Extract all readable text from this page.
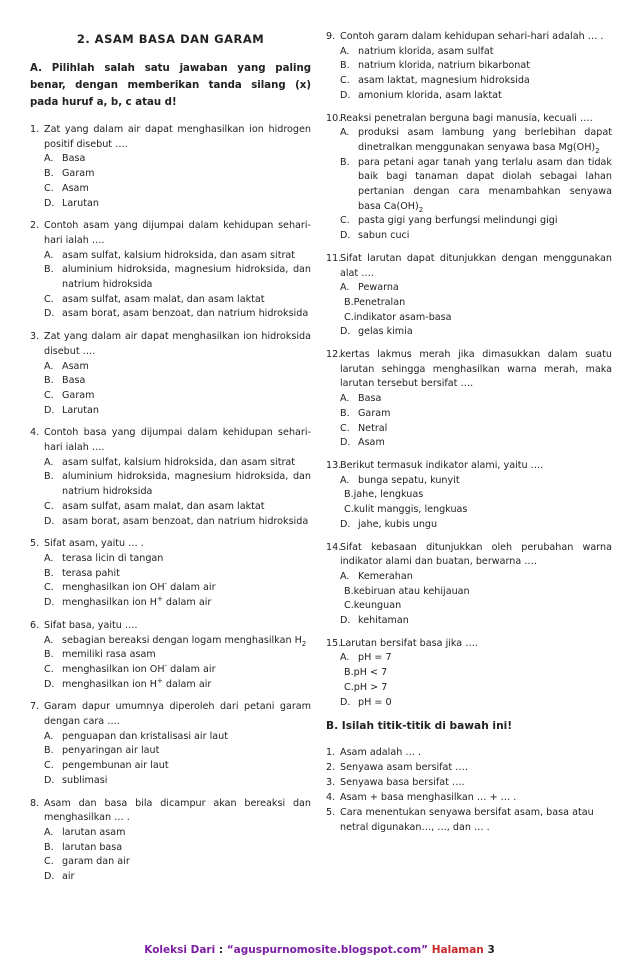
2. ASAM BASA DAN GARAM
A. Pilihlah salah satu jawaban yang paling benar, dengan memberikan tanda silang (x) pada huruf a, b, c atau d!
1. Zat yang dalam air dapat menghasilkan ion hidrogen positif disebut ….
A. Basa
B. Garam
C. Asam
D. Larutan
2. Contoh asam yang dijumpai dalam kehidupan sehari-hari ialah ….
A. asam sulfat, kalsium hidroksida, dan asam sitrat
B. aluminium hidroksida, magnesium hidroksida, dan natrium hidroksida
C. asam sulfat, asam malat, dan asam laktat
D. asam borat, asam benzoat, dan natrium hidroksida
3. Zat yang dalam air dapat menghasilkan ion hidroksida disebut ….
A. Asam
B. Basa
C. Garam
D. Larutan
4. Contoh basa yang dijumpai dalam kehidupan sehari-hari ialah ….
A. asam sulfat, kalsium hidroksida, dan asam sitrat
B. aluminium hidroksida, magnesium hidroksida, dan natrium hidroksida
C. asam sulfat, asam malat, dan asam laktat
D. asam borat, asam benzoat, dan natrium hidroksida
5. Sifat asam, yaitu … .
A. terasa licin di tangan
B. terasa pahit
C. menghasilkan ion OH- dalam air
D. menghasilkan ion H+ dalam air
6. Sifat basa, yaitu ….
A. sebagian bereaksi dengan logam menghasilkan $H_2$
B. memiliki rasa asam
C. menghasilkan ion OH- dalam air
D. menghasilkan ion H+ dalam air
7. Garam dapur umumnya diperoleh dari petani garam dengan cara ….
A. penguapan dan kristalisasi air laut
B. penyaringan air laut
C. pengembunan air laut
D. sublimasi
8. Asam dan basa bila dicampur akan bereaksi dan menghasilkan … .
A. larutan asam
B. larutan basa
C. garam dan air
D. air
9. Contoh garam dalam kehidupan sehari-hari adalah … .
A. natrium klorida, asam sulfat
B. natrium klorida, natrium bikarbonat
C. asam laktat, magnesium hidroksida
D. amonium klorida, asam laktat
10.
Reaksi penetralan berguna bagi manusia, kecuali ….
A. produksi asam lambung yang berlebihan dapat dinetralkan menggunakan senyawa basa $Mg(OH)_2$
B. para petani agar tanah yang terlalu asam dan tidak baik bagi tanaman dapat diolah sebagai lahan pertanian dengan cara menambahkan senyawa basa $Ca(OH)_2$
C. pasta gigi yang berfungsi melindungi gigi
D. sabun cuci
11.
Sifat larutan dapat ditunjukkan dengan menggunakan alat ….
A. Pewarna
B.Penetralan
C.indikator asam-basa
D. gelas kimia
12.
kertas lakmus merah jika dimasukkan dalam suatu larutan sehingga menghasilkan warna merah, maka larutan tersebut bersifat ….
A. Basa
B. Garam
C. Netral
D. Asam
13.
Berikut termasuk indikator alami, yaitu ….
A. bunga sepatu, kunyit
B.jahe, lengkuas
C.kulit manggis, lengkuas
D. jahe, kubis ungu
14.
Sifat kebasaan ditunjukkan oleh perubahan warna indikator alami dan buatan, berwarna ….
A. Kemerahan
B.kebiruan atau kehijauan
C.keunguan
D. kehitaman
15.
Larutan bersifat basa jika ….
A. pH = 7
B.pH < 7
C.pH > 7
D. pH = 0
B. Isilah titik-titik di bawah ini!
1. Asam adalah … .
2. Senyawa asam bersifat ….
3. Senyawa basa bersifat ….
4. Asam + basa menghasilkan … + … .
5. Cara menentukan senyawa bersifat asam, basa atau netral digunakan…, …, dan … .
Koleksi Dari : “aguspurnomosite.blogspot.com” Halaman 3
